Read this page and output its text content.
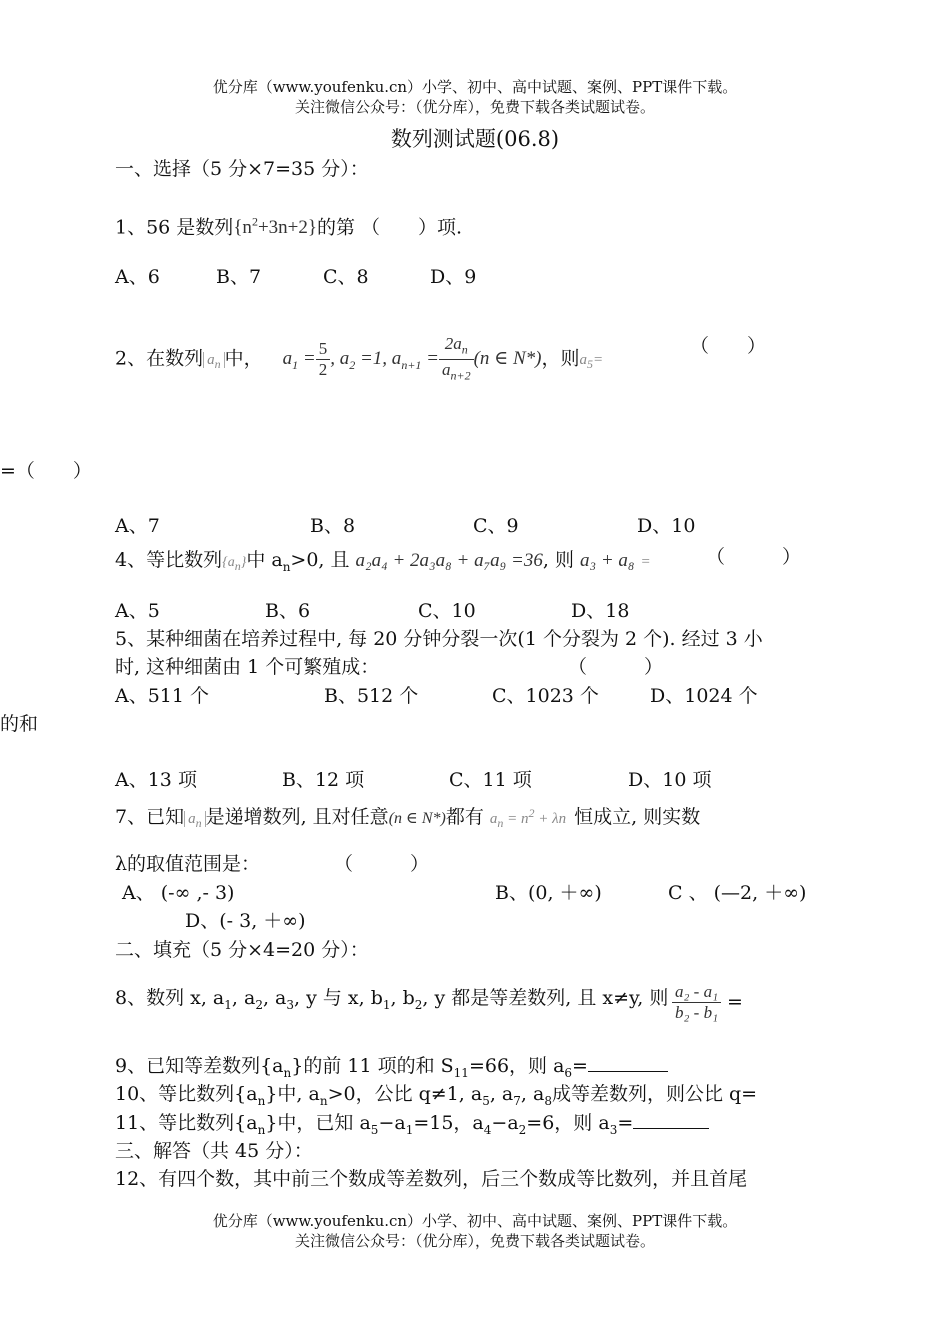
优分库（www.youfenku.cn）小学、初中、高中试题、案例、PPT课件下载。
关注微信公众号：（优分库），免费下载各类试题试卷。
数列测试题(06.8)
一、选择（5 分×7=35 分）：
1、56 是数列$\{n^2+3n+2\}$的第 （　　）项.
A、6	B、7	C、8	D、9
2、在数列 $a_n$ 中， $a_1 = \frac{5}{2}$ , $a_2 =1$, $a_{n+1} = \frac{2a_n}{a_{n+2}} (n$ ∈ N*)，则$a_5=$
（　　）
=（　　）
A、7	B、8	C、9	D、10
4、等比数列$\{a_n\}$中 $a_n>0$, 且 a₂a₄ + 2a₃a₈ + a₇a₉ =36, 则 a₃ + a₈ =	（　　　）
A、5	B、6	C、10	D、18
5、某种细菌在培养过程中, 每 20 分钟分裂一次(1 个分裂为 2 个). 经过 3 小
时, 这种细菌由 1 个可繁殖成：	（　　　）
A、511 个	B、512 个	C、1023 个	D、1024 个
的和
A、13 项	B、12 项	C、11 项	D、10 项
7、已知 $a_n$ 是递增数列, 且对任意(n ∈ N*)都有 $a_n = n^2 + \lambda n$ 恒成立, 则实数
λ的取值范围是：	（　　　）
A、 (-∞ ,- 3)	B、(0, ＋∞)	C 、 (—2, ＋∞)
D、(- 3, ＋∞)
二、填充（5 分×4=20 分）：
8、数列 x, $a_1$, $a_2$, $a_3$, y 与 x, $b_1$, $b_2$, y 都是等差数列, 且 x≠y, 则 $\frac{\text{a₂ - a₁}}{\text{b₂ - b₁}}$ =
9、已知等差数列$\{a_n\}$的前 11 项的和 $S_{11}=66$，则 $a_6=$
10、等比数列$\{a_n\}$中, $a_n>0$，公比 q≠1, $a_5$, $a_7$, $a_8$成等差数列，则公比 q=
11、等比数列$\{a_n\}$中，已知 $a_5-a_1=15$，$a_4-a_2=6$，则 $a_3=$
三、解答（共 45 分）：
12、有四个数，其中前三个数成等差数列，后三个数成等比数列，并且首尾
优分库（www.youfenku.cn）小学、初中、高中试题、案例、PPT课件下载。
关注微信公众号：（优分库），免费下载各类试题试卷。
